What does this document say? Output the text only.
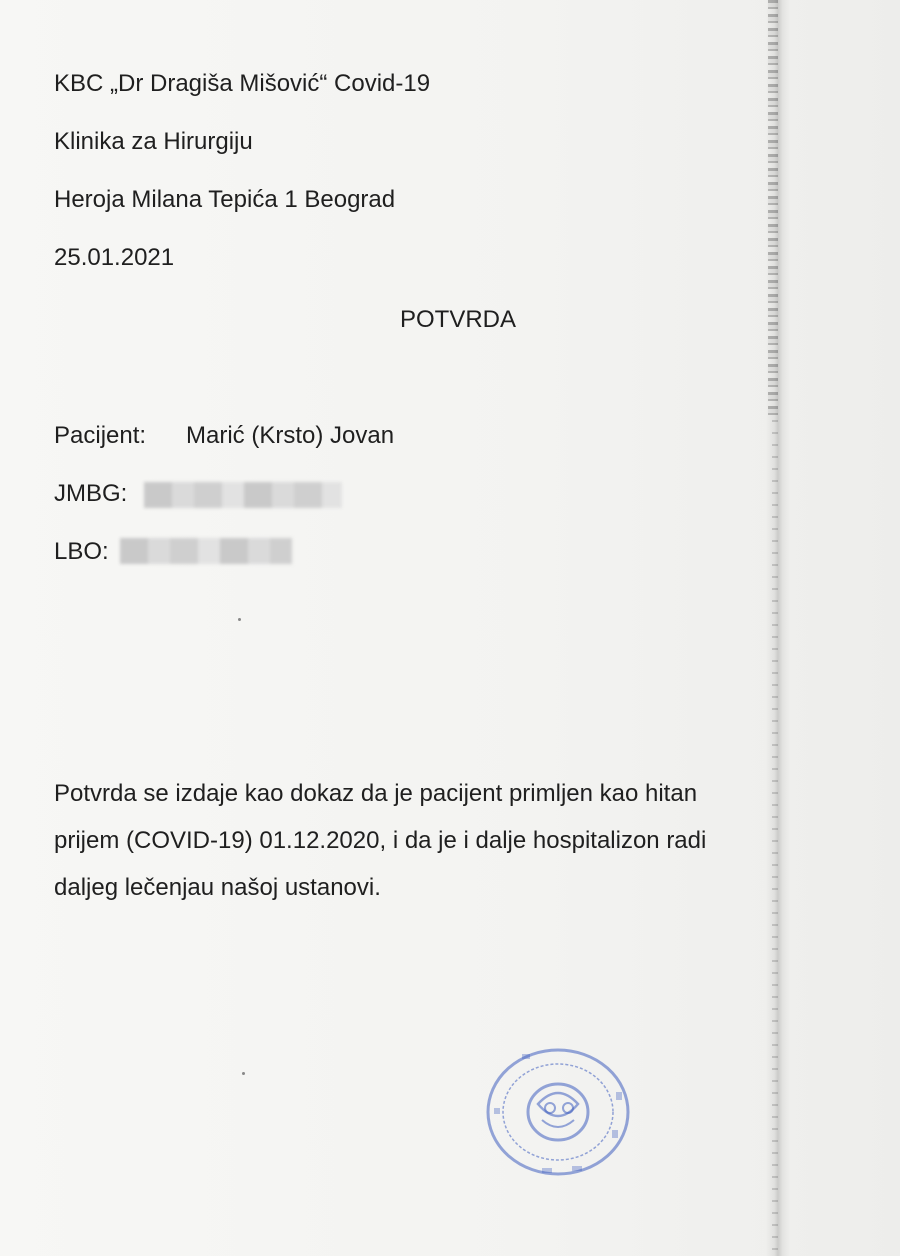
KBC „Dr Dragiša Mišović“ Covid-19
Klinika za Hirurgiju
Heroja Milana Tepića 1 Beograd
25.01.2021
POTVRDA
Pacijent: Marić (Krsto) Jovan
JMBG:
LBO:
Potvrda se izdaje kao dokaz da je pacijent primljen kao hitan
prijem (COVID-19) 01.12.2020, i da je i dalje hospitalizon radi
daljeg lečenjau našoj ustanovi.
